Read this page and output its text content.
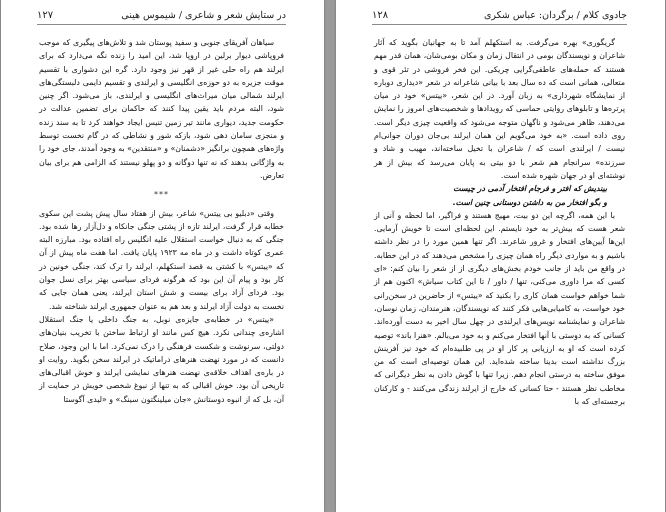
در ستایش شعر و شاعری / شیموس هینی
۱۲۷

سیاهان آفریقای جنوبی و سفید پوستان شد و تلاش‌های پیگیری که موجب فروپاشی دیوار برلین در اروپا شد، این امید را زنده نگه می‌دارد که برای ایرلند هم راه حلی غیر از قهر نیز وجود دارد. گره این دشواری با تقسیم موقت جزیره به دو حوزه‌ی انگلیسی و ایرلندی و تقسیم دایمی دلبستگی‌های ایرلند شمالی میان میراث‌های انگلیسی و ایرلندی، باز می‌شود. اگر چنین شود، البته مردم باید یقین پیدا کنند که حاکمان برای تضمین عدالت در حکومت جدید، دیواری مانند تیر زمین تنیس ایجاد خواهند کرد تا به سند زنده و منجزی سامان دهی شود، بازکه شور و نشاطی که در گام نخست توسط واژه‌های همچون برانگیز «دشمنان» و «منتقدین» به وجود آمدند، جای خود را به واژگانی بدهند که نه تنها دوگانه و دو پهلو نیستند که الزامی هم برای بیان تعارض.

***

وقتی «دبلیو بی ییتس» شاعر، بیش از هفتاد سال پیش پشت این سکوی خطابه قرار گرفت، ایرلند تازه از پشتی جنگی جانکاه و دل‌آزار رها شده بود. جنگی که به دنبال خواست استقلال علیه انگلیس راه افتاده بود. مبارزه البته عمری کوتاه داشت و در ماه مه ۱۹۲۳ پایان یافت. اما هفت ماه پیش از آن که «ییتس» با کشتی به قصد استکهلم، ایرلند را ترک کند، جنگی خونین در کار بود و پیام آن این بود که هرگونه فردای سیاسی بهتر برای نسل جوان بود. فردای آزاد برای بیست و شش استان ایرلند، یعنی همان جایی که نخست به دولت آزاد ایرلند و بعد هم به عنوان جمهوری ایرلند شناخته شد.

«ییتس» در خطابه‌ی جایزه‌ی نوبل، به جنگ داخلی یا جنگ استقلال اشاره‌ی چندانی نکرد. هیچ کس مانند او ارتباط ساختن با تخریب بنیان‌های دولتی، سرنوشت و شکست فرهنگی را درک نمی‌کرد. اما با این وجود، صلاح دانست که در مورد نهضت هنرهای دراماتیک در ایرلند سخن بگوید. روایت او در باره‌ی اهداف خلاقه‌ی نهضت هنرهای نمایشی ایرلند و خوش اقبالی‌های تاریخی آن بود. خوش اقبالی که به تنها از نبوغ شخصی خویش در حمایت از آن، بل که از انبوه دوستانش «جان میلینگتون سینگ» و «لیدی آگوستا

جادوی کلام / برگردان: عباس شکری
۱۲۸

گریگوری» بهره می‌گرفت. به استکهلم آمد تا به جهانیان بگوید که آثار شاعران و نویسندگان بومی در انتقال زمان و مکان بومی‌شان، همان قدر مهم هستند که حمله‌های عاطفی‌گرایی چریکی. این فخر فروشی در تئر قوی و متعالی، همانی است که ده سال بعد با بیانی شاعرانه در شعر «دیداری دوباره از نمایشگاه شهرداری» به زبان آورد. در این شعر، «ییتس» خود در میان پرتره‌ها و تابلوهای روایتی حماسی که رویدادها و شخصیت‌های امروز را نمایش می‌دهند، ظاهر می‌شود و ناگهان متوجه می‌شود که واقعیت چیزی دیگر است. روی داده است. «به خود می‌گویم این همان ایرلند بی‌جان دوران جوانی‌ام نیست / ایرلندی است که / شاعران با تخیل ساخته‌اند، مهیب و شاد و سرزنده» سرانجام هم شعر با دو بیتی به پایان می‌رسد که بیش از هر نوشته‌ای او در جهان شهره شده است.

بیندیش که افتر و فرجام افتخار آدمی در چیست

و بگو افتخار من به داشتن دوستانی چنین است.

با این همه، اگرچه این دو بیت، مهیج هستند و فراگیر، اما لحظه و آنی از شعر هست که بیش‌تر به خود نایستم. این لحظه‌ای است تا خویش آرمایی. این‌ها آیین‌های افتخار و غرور شاعرند. اگر تنها همین مورد را در نظر داشته باشیم و به مواردی دیگر راه همان چیزی را مشخص می‌دهند که در این خطابه. در واقع من باید از جانب خودم بخش‌های دیگری از از شعر را بیان کنم: «ای کسی که مرا داوری می‌کنی، تنها / داور / تا این کتاب سیاش» اکنون هم از شما خواهم خواست همان کاری را بکنید که «ییتس» از حاضرین در سخن‌رانی خود خواست، به کامیابی‌هایی فکر کنند که نویسندگان، هنرمندان، زمان نوسان، شاعران و نمایشنامه نویس‌های ایرلندی در چهل سال اخیر به دست آورده‌اند. کسانی که به دوستی با آنها افتخار می‌کنم و به خود می‌بالم. «هنرا باند» توصیه کرده است که او به ارزیابی پر کار او در پی طلبیده‌ام که خود نیز آفرینش بزرگ نداشته است بدینا ساخته شده‌اید. این همان توصیه‌ای است که من موفق ساخته به درستی انجام دهم. زیرا تنها با گوش دادن به نظر دیگرانی که مخاطب نظر هستند - حتا کسانی که خارج از ایرلند زندگی می‌کنند - و کارکنان برجسته‌ای که با
